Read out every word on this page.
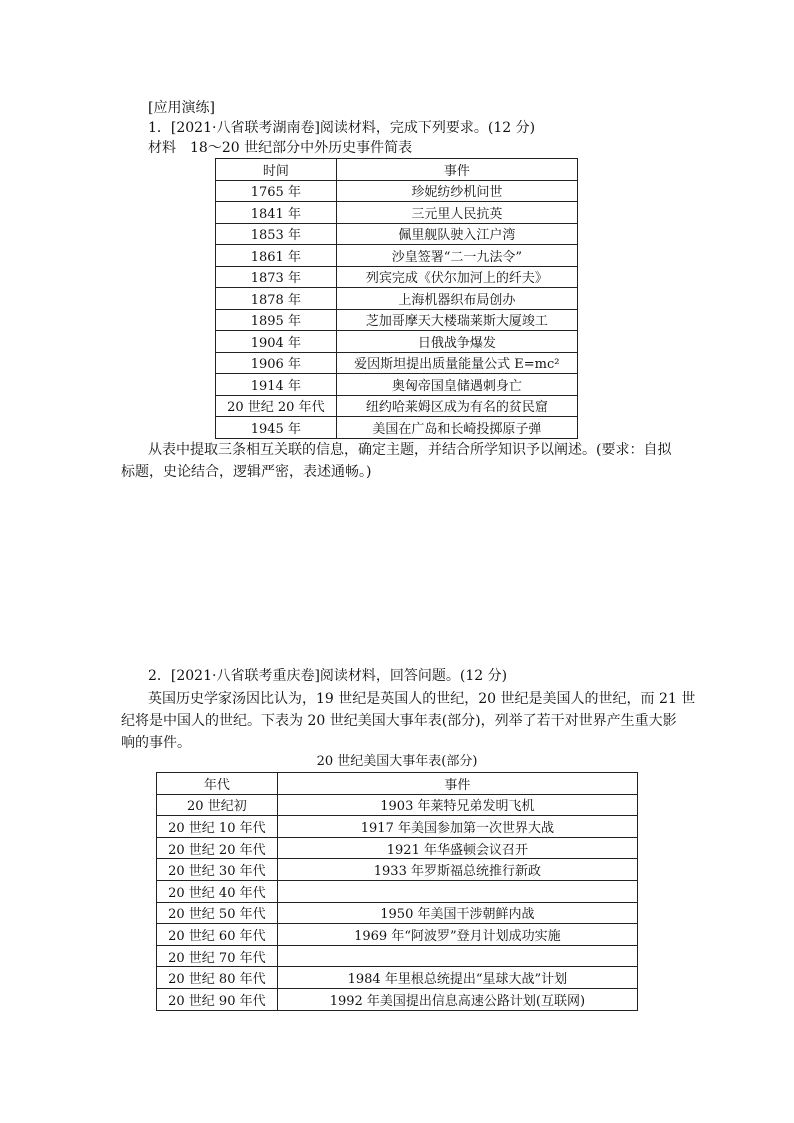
[应用演练]
1．[2021·八省联考湖南卷]阅读材料，完成下列要求。(12 分)
材料　18～20 世纪部分中外历史事件简表
时间	事件
1765 年	珍妮纺纱机问世
1841 年	三元里人民抗英
1853 年	佩里舰队驶入江户湾
1861 年	沙皇签署“二一九法令”
1873 年	列宾完成《伏尔加河上的纤夫》
1878 年	上海机器织布局创办
1895 年	芝加哥摩天大楼瑞莱斯大厦竣工
1904 年	日俄战争爆发
1906 年	爱因斯坦提出质量能量公式 E=mc²
1914 年	奥匈帝国皇储遇刺身亡
20 世纪 20 年代	纽约哈莱姆区成为有名的贫民窟
1945 年	美国在广岛和长崎投掷原子弹
从表中提取三条相互关联的信息，确定主题，并结合所学知识予以阐述。(要求：自拟
标题，史论结合，逻辑严密，表述通畅。)
2．[2021·八省联考重庆卷]阅读材料，回答问题。(12 分)
英国历史学家汤因比认为，19 世纪是英国人的世纪，20 世纪是美国人的世纪，而 21 世
纪将是中国人的世纪。下表为 20 世纪美国大事年表(部分)，列举了若干对世界产生重大影
响的事件。
20 世纪美国大事年表(部分)
年代	事件
20 世纪初	1903 年莱特兄弟发明飞机
20 世纪 10 年代	1917 年美国参加第一次世界大战
20 世纪 20 年代	1921 年华盛顿会议召开
20 世纪 30 年代	1933 年罗斯福总统推行新政
20 世纪 40 年代	
20 世纪 50 年代	1950 年美国干涉朝鲜内战
20 世纪 60 年代	1969 年“阿波罗”登月计划成功实施
20 世纪 70 年代	
20 世纪 80 年代	1984 年里根总统提出“星球大战”计划
20 世纪 90 年代	1992 年美国提出信息高速公路计划(互联网)
